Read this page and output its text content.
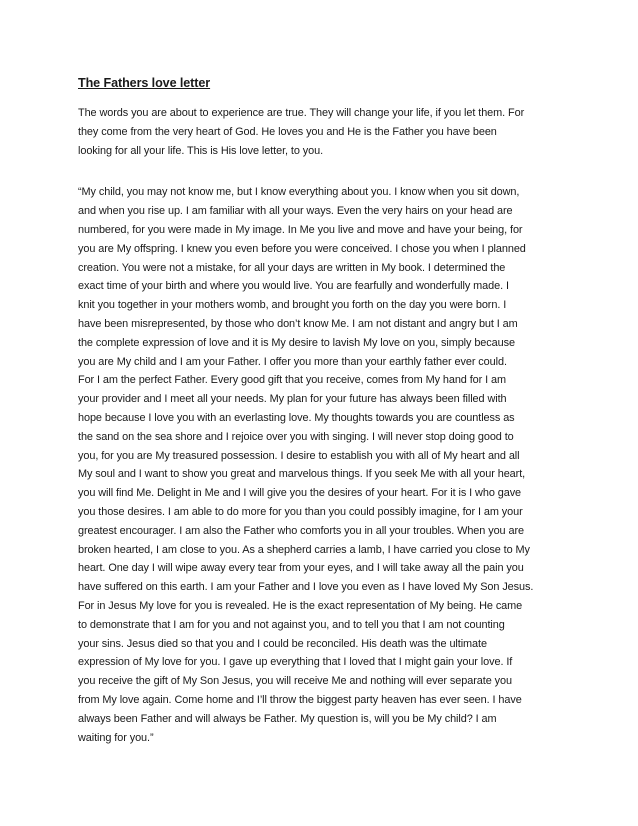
The Fathers love letter

The words you are about to experience are true. They will change your life, if you let them. For
they come from the very heart of God. He loves you and He is the Father you have been
looking for all your life. This is His love letter, to you.

“My child, you may not know me, but I know everything about you. I know when you sit down,
and when you rise up. I am familiar with all your ways. Even the very hairs on your head are
numbered, for you were made in My image. In Me you live and move and have your being, for
you are My offspring. I knew you even before you were conceived. I chose you when I planned
creation. You were not a mistake, for all your days are written in My book. I determined the
exact time of your birth and where you would live. You are fearfully and wonderfully made. I
knit you together in your mothers womb, and brought you forth on the day you were born. I
have been misrepresented, by those who don’t know Me. I am not distant and angry but I am
the complete expression of love and it is My desire to lavish My love on you, simply because
you are My child and I am your Father. I offer you more than your earthly father ever could.
For I am the perfect Father. Every good gift that you receive, comes from My hand for I am
your provider and I meet all your needs. My plan for your future has always been filled with
hope because I love you with an everlasting love. My thoughts towards you are countless as
the sand on the sea shore and I rejoice over you with singing. I will never stop doing good to
you, for you are My treasured possession. I desire to establish you with all of My heart and all
My soul and I want to show you great and marvelous things. If you seek Me with all your heart,
you will find Me. Delight in Me and I will give you the desires of your heart. For it is I who gave
you those desires. I am able to do more for you than you could possibly imagine, for I am your
greatest encourager. I am also the Father who comforts you in all your troubles. When you are
broken hearted, I am close to you. As a shepherd carries a lamb, I have carried you close to My
heart. One day I will wipe away every tear from your eyes, and I will take away all the pain you
have suffered on this earth. I am your Father and I love you even as I have loved My Son Jesus.
For in Jesus My love for you is revealed. He is the exact representation of My being. He came
to demonstrate that I am for you and not against you, and to tell you that I am not counting
your sins. Jesus died so that you and I could be reconciled. His death was the ultimate
expression of My love for you. I gave up everything that I loved that I might gain your love. If
you receive the gift of My Son Jesus, you will receive Me and nothing will ever separate you
from My love again. Come home and I’ll throw the biggest party heaven has ever seen. I have
always been Father and will always be Father. My question is, will you be My child? I am
waiting for you.”
